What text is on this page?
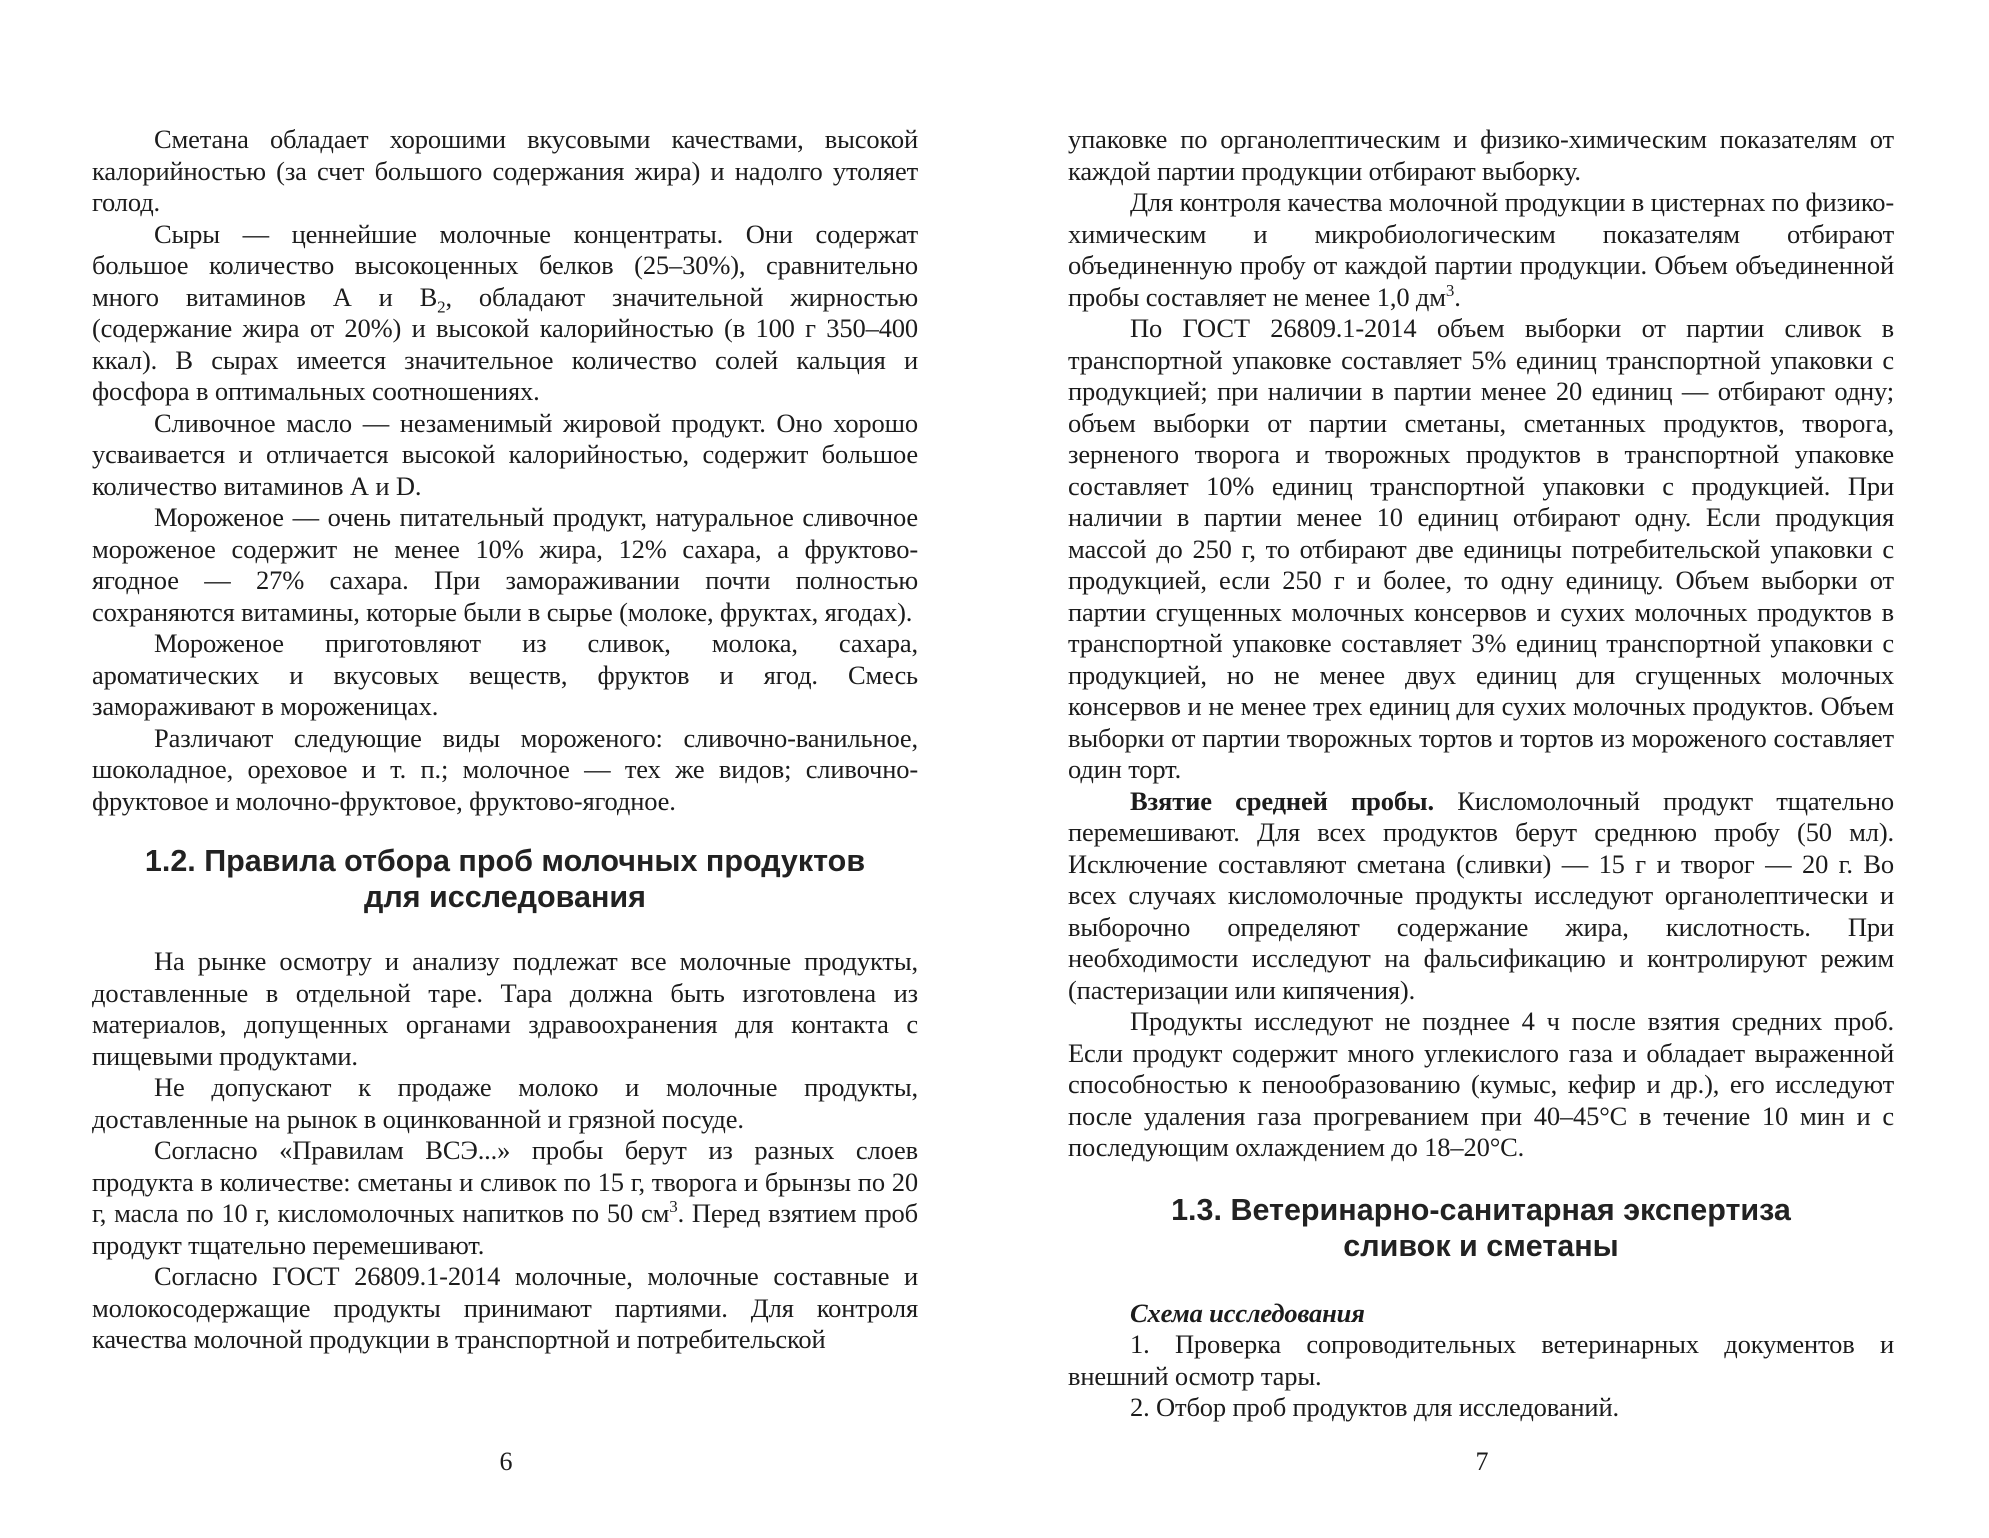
Сметана обладает хорошими вкусовыми качествами, высокой калорийностью (за счет большого содержания жира) и надолго утоляет голод.

Сыры — ценнейшие молочные концентраты. Они содержат большое количество высокоценных белков (25–30%), сравнительно много витаминов А и $В_2$, обладают значительной жирностью (содержание жира от 20%) и высокой калорийностью (в 100 г 350–400 ккал). В сырах имеется значительное количество солей кальция и фосфора в оптимальных соотношениях.

Сливочное масло — незаменимый жировой продукт. Оно хорошо усваивается и отличается высокой калорийностью, содержит большое количество витаминов А и D.

Мороженое — очень питательный продукт, натуральное сливочное мороженое содержит не менее 10% жира, 12% сахара, а фруктово-ягодное — 27% сахара. При замораживании почти полностью сохраняются витамины, которые были в сырье (молоке, фруктах, ягодах).

Мороженое приготовляют из сливок, молока, сахара, ароматических и вкусовых веществ, фруктов и ягод. Смесь замораживают в мороженицах.

Различают следующие виды мороженого: сливочно-ванильное, шоколадное, ореховое и т. п.; молочное — тех же видов; сливочно-фруктовое и молочно-фруктовое, фруктово-ягодное.

1.2. Правила отбора проб молочных продуктов
для исследования

На рынке осмотру и анализу подлежат все молочные продукты, доставленные в отдельной таре. Тара должна быть изготовлена из материалов, допущенных органами здравоохранения для контакта с пищевыми продуктами.

Не допускают к продаже молоко и молочные продукты, доставленные на рынок в оцинкованной и грязной посуде.

Согласно «Правилам ВСЭ...» пробы берут из разных слоев продукта в количестве: сметаны и сливок по 15 г, творога и брынзы по 20 г, масла по 10 г, кисломолочных напитков по 50 $см^3$. Перед взятием проб продукт тщательно перемешивают.

Согласно ГОСТ 26809.1-2014 молочные, молочные составные и молокосодержащие продукты принимают партиями. Для контроля качества молочной продукции в транспортной и потребительской

упаковке по органолептическим и физико-химическим показателям от каждой партии продукции отбирают выборку.

Для контроля качества молочной продукции в цистернах по физико-химическим и микробиологическим показателям отбирают объединенную пробу от каждой партии продукции. Объем объединенной пробы составляет не менее 1,0 $дм^3$.

По ГОСТ 26809.1-2014 объем выборки от партии сливок в транспортной упаковке составляет 5% единиц транспортной упаковки с продукцией; при наличии в партии менее 20 единиц — отбирают одну; объем выборки от партии сметаны, сметанных продуктов, творога, зерненого творога и творожных продуктов в транспортной упаковке составляет 10% единиц транспортной упаковки с продукцией. При наличии в партии менее 10 единиц отбирают одну. Если продукция массой до 250 г, то отбирают две единицы потребительской упаковки с продукцией, если 250 г и более, то одну единицу. Объем выборки от партии сгущенных молочных консервов и сухих молочных продуктов в транспортной упаковке составляет 3% единиц транспортной упаковки с продукцией, но не менее двух единиц для сгущенных молочных консервов и не менее трех единиц для сухих молочных продуктов. Объем выборки от партии творожных тортов и тортов из мороженого составляет один торт.

Взятие средней пробы. Кисломолочный продукт тщательно перемешивают. Для всех продуктов берут среднюю пробу (50 мл). Исключение составляют сметана (сливки) — 15 г и творог — 20 г. Во всех случаях кисломолочные продукты исследуют органолептически и выборочно определяют содержание жира, кислотность. При необходимости исследуют на фальсификацию и контролируют режим (пастеризации или кипячения).

Продукты исследуют не позднее 4 ч после взятия средних проб. Если продукт содержит много углекислого газа и обладает выраженной способностью к пенообразованию (кумыс, кефир и др.), его исследуют после удаления газа прогреванием при 40–45°С в течение 10 мин и с последующим охлаждением до 18–20°С.

1.3. Ветеринарно-санитарная экспертиза
сливок и сметаны

Схема исследования

1. Проверка сопроводительных ветеринарных документов и внешний осмотр тары.

2. Отбор проб продуктов для исследований.

6	7
